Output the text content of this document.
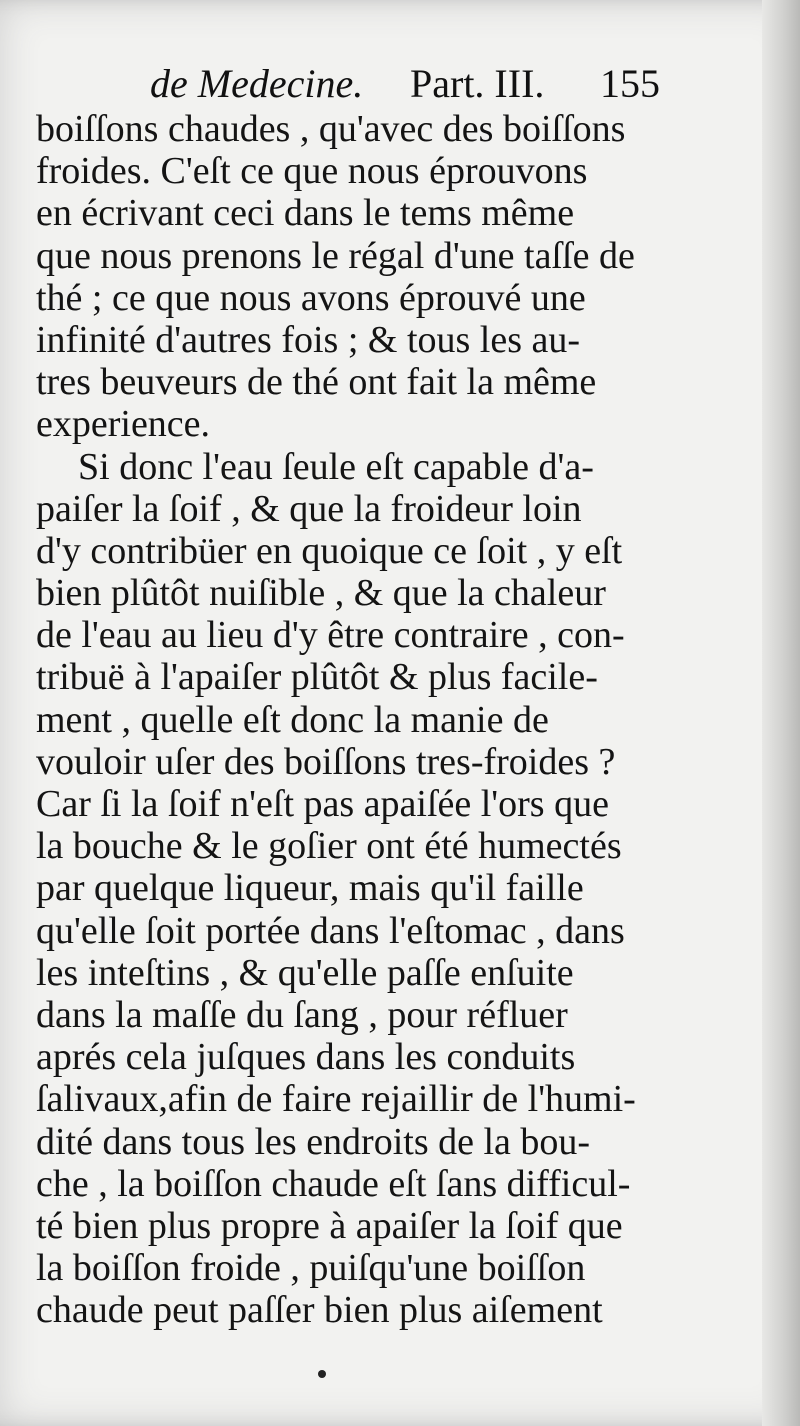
de Medecine. Part. III. 155
boiſſons chaudes , qu'avec des boiſſons
froides. C'eſt ce que nous éprouvons
en écrivant ceci dans le tems même
que nous prenons le régal d'une taſſe de
thé ; ce que nous avons éprouvé une
infinité d'autres fois ; & tous les au-
tres beuveurs de thé ont fait la même
experience.
Si donc l'eau ſeule eſt capable d'a-
paiſer la ſoif , & que la froideur loin
d'y contribüer en quoique ce ſoit , y eſt
bien plûtôt nuiſible , & que la chaleur
de l'eau au lieu d'y être contraire , con-
tribuë à l'apaiſer plûtôt & plus facile-
ment , quelle eſt donc la manie de
vouloir uſer des boiſſons tres-froides ?
Car ſi la ſoif n'eſt pas apaiſée l'ors que
la bouche & le goſier ont été humectés
par quelque liqueur, mais qu'il faille
qu'elle ſoit portée dans l'eſtomac , dans
les inteſtins , & qu'elle paſſe enſuite
dans la maſſe du ſang , pour réfluer
aprés cela juſques dans les conduits
ſalivaux,afin de faire rejaillir de l'humi-
dité dans tous les endroits de la bou-
che , la boiſſon chaude eſt ſans difficul-
té bien plus propre à apaiſer la ſoif que
la boiſſon froide , puiſqu'une boiſſon
chaude peut paſſer bien plus aiſement
